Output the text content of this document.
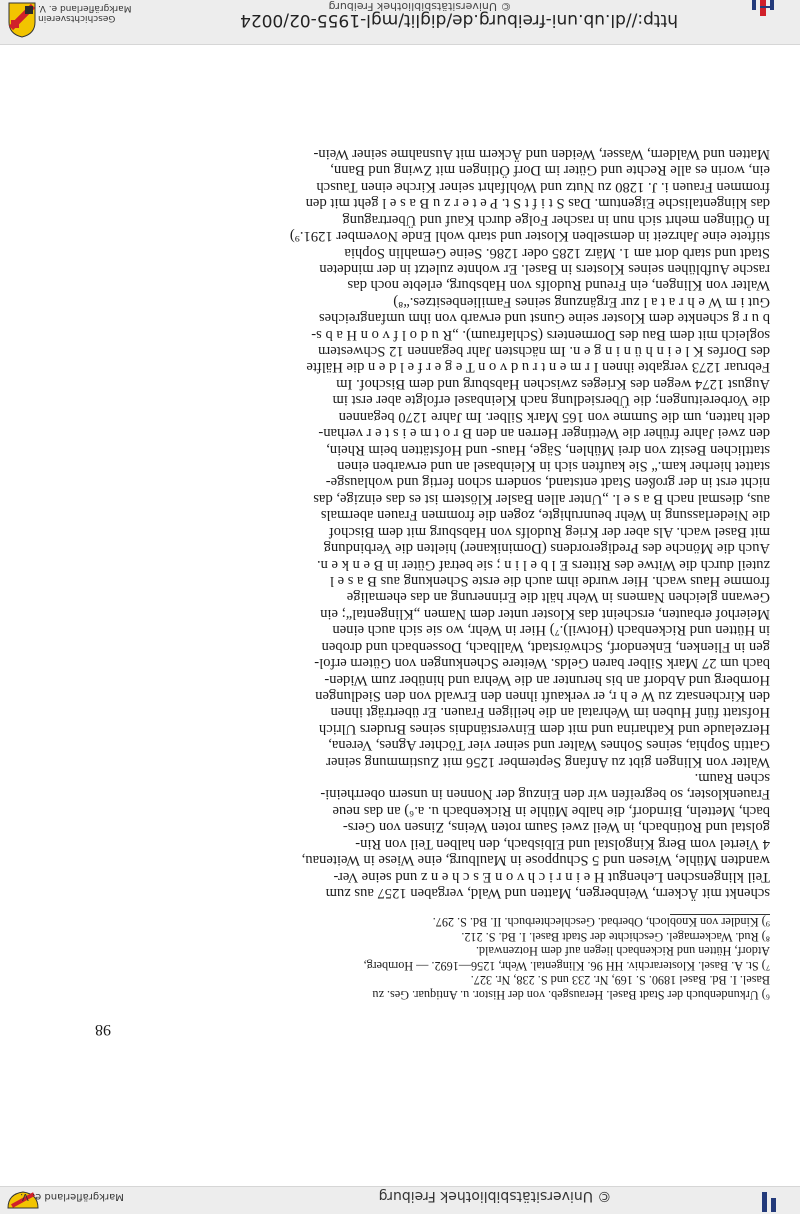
Geschichtsverein
Markgräflerland e. V.	© Universitätsbibliothek Freiburg
http://dl.ub.uni-freiburg.de/diglit/mgl-1955-02/0024

schenkt mit Äckern, Weinbergen, Matten und Wald, vergaben 1257 aus zum

Teil klingenschen Lehengut H e i n r i c h v o n E s c h e n z und seine Ver-

wandten Mühle, Wiesen und 5 Schuppose in Maulburg, eine Wiese in Weitenau,

4 Viertel vom Berg Kingolstal und Elbisbach, den halben Teil von Rin-

golstal und Rotinbach, in Weil zwei Saum roten Weins, Zinsen von Gers-

bach, Metteln, Birndorf, die halbe Mühle in Rickenbach u. a.⁶) an das neue

Frauenkloster, so begreifen wir den Einzug der Nonnen in unsern oberrheini-

schen Raum.

Walter von Klingen gibt zu Anfang September 1256 mit Zustimmung seiner

Gattin Sophia, seines Sohnes Walter und seiner vier Töchter Agnes, Verena,

Herzelaude und Katharina und mit dem Einverständnis seines Bruders Ulrich

Hofstatt fünf Huben im Wehratal an die heiligen Frauen. Er überträgt ihnen

den Kirchensatz zu W e h r, er verkauft ihnen den Erwald von den Siedlungen

Hornberg und Abdorf an bis herunter an die Wehra und hinüber zum Widen-

bach um 27 Mark Silber baren Gelds. Weitere Schenkungen von Gütern erfol-

gen in Flienken, Enkendorf, Schwörstadt, Wallbach, Dossenbach und droben

in Hütten und Rickenbach (Hotwil).⁷) Hier in Wehr, wo sie sich auch einen

Meierhof erbauten, erscheint das Kloster unter dem Namen „Klingental“; ein

Gewann gleichen Namens in Wehr hält die Erinnerung an das ehemalige

fromme Haus wach. Hier wurde ihm auch die erste Schenkung aus B a s e l

zuteil durch die Witwe des Ritters E l b e l i n ; sie betraf Güter in B e n k e n.

Auch die Mönche des Predigerordens (Dominikaner) hielten die Verbindung

mit Basel wach. Als aber der Krieg Rudolfs von Habsburg mit dem Bischof

die Niederlassung in Wehr beunruhigte, zogen die frommen Frauen abermals

aus, diesmal nach B a s e l. „Unter allen Basler Klöstern ist es das einzige, das

nicht erst in der großen Stadt entstand, sondern schon fertig und wohlausge-

stattet hierher kam.“ Sie kauften sich in Kleinbasel an und erwarben einen

stattlichen Besitz von drei Mühlen, Säge, Haus- und Hofstätten beim Rhein,

den zwei Jahre früher die Wettinger Herren an den B r o t m e i s t e r verhan-

delt hatten, um die Summe von 165 Mark Silber. Im Jahre 1270 begannen

die Vorbereitungen; die Übersiedlung nach Kleinbasel erfolgte aber erst im

August 1274 wegen des Krieges zwischen Habsburg und dem Bischof. Im

Februar 1273 vergabte ihnen I r m e n t r u d v o n T e g e r f e l d e n die Hälfte

des Dorfes K l e i n h ü n i n g e n. Im nächsten Jahr begannen 12 Schwestern

sogleich mit dem Bau des Dormenters (Schlafraum). „R u d o l f v o n H a b s-

b u r g schenkte dem Kloster seine Gunst und erwarb von ihm umfangreiches

Gut i m W e h r a t a l zur Ergänzung seines Familienbesitzes.“⁸)

Walter von Klingen, ein Freund Rudolfs von Habsburg, erlebte noch das

rasche Aufblühen seines Klosters in Basel. Er wohnte zuletzt in der mindeten

Stadt und starb dort am 1. März 1285 oder 1286. Seine Gemahlin Sophia

stiftete eine Jahrzeit in demselben Kloster und starb wohl Ende November 1291.⁹)

In Ötlingen mehrt sich nun in rascher Folge durch Kauf und Übertragung

das klingentalische Eigentum. Das S t i f t S t. P e t e r z u B a s e l geht mit den

frommen Frauen i. J. 1280 zu Nutz und Wohlfahrt seiner Kirche einen Tausch

ein, worin es alle Rechte und Güter im Dorf Ötlingen mit Zwing und Bann,

Matten und Waldern, Wasser, Weiden und Äckern mit Ausnahme seiner Wein-

⁶) Urkundenbuch der Stadt Basel. Herausgeb. von der Histor. u. Antiquar. Ges. zu

Basel. I. Bd. Basel 1890. S. 169, Nr. 233 und S. 238, Nr. 327.

⁷) St. A. Basel. Klosterarchiv. HH 96. Klingental. Wehr, 1256—1692. — Hornberg,

Atdorf, Hütten und Rickenbach liegen auf dem Hotzenwald.

⁸) Rud. Wackernagel. Geschichte der Stadt Basel. I. Bd. S. 212.

⁹) Kindler von Knobloch, Oberbad. Geschlechterbuch. II. Bd. S. 297.

98
Markgräflerland e. V.	© Universitätsbibliothek Freiburg
